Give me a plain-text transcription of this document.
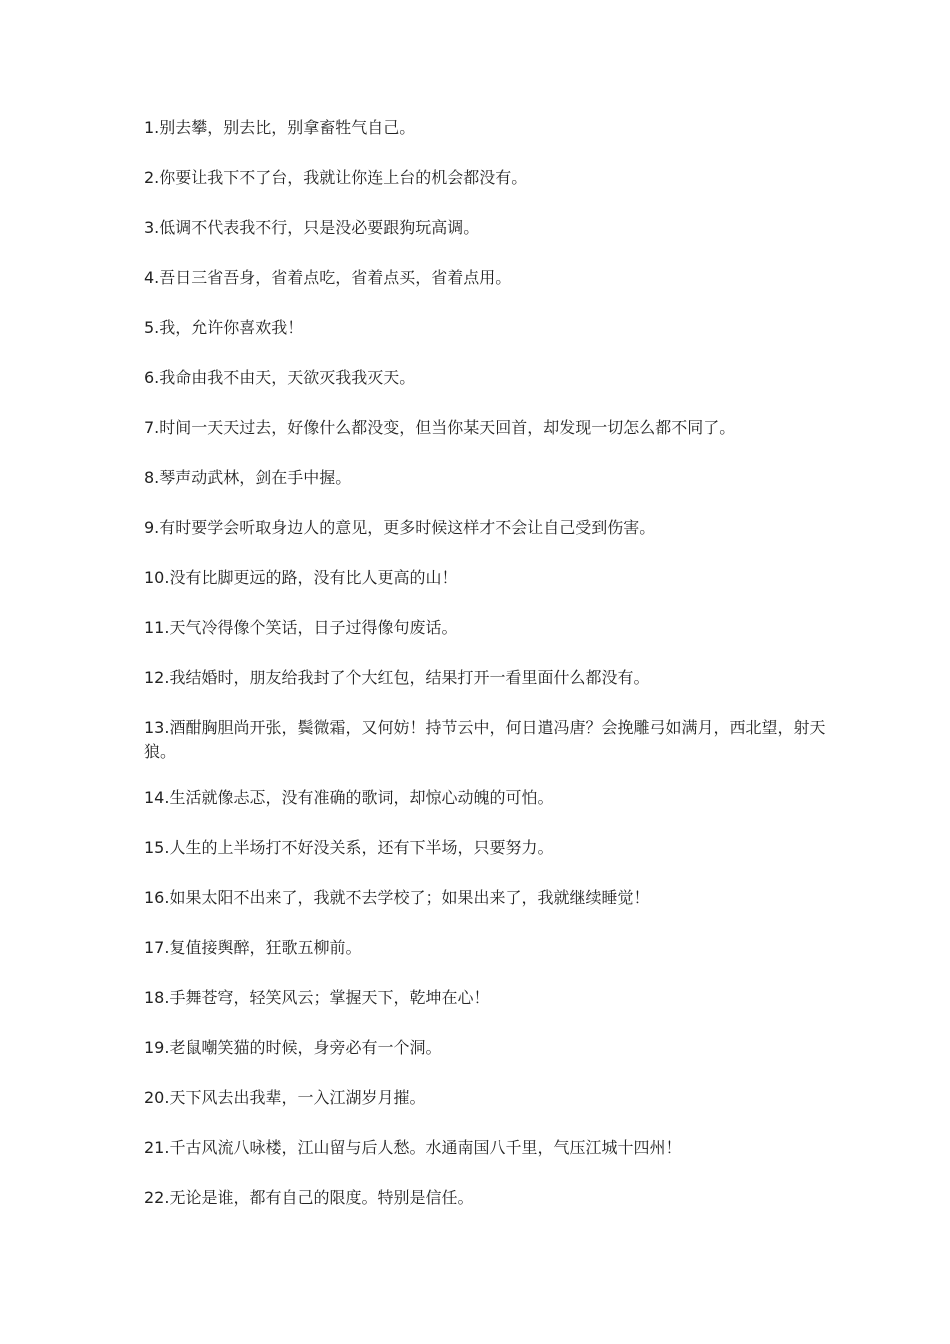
1.别去攀，别去比，别拿畜牲气自己。

2.你要让我下不了台，我就让你连上台的机会都没有。

3.低调不代表我不行，只是没必要跟狗玩高调。

4.吾日三省吾身，省着点吃，省着点买，省着点用。

5.我，允许你喜欢我！

6.我命由我不由天，天欲灭我我灭天。

7.时间一天天过去，好像什么都没变，但当你某天回首，却发现一切怎么都不同了。

8.琴声动武林，剑在手中握。

9.有时要学会听取身边人的意见，更多时候这样才不会让自己受到伤害。

10.没有比脚更远的路，没有比人更高的山！

11.天气冷得像个笑话，日子过得像句废话。

12.我结婚时，朋友给我封了个大红包，结果打开一看里面什么都没有。

13.酒酣胸胆尚开张，鬓微霜，又何妨！持节云中，何日遣冯唐？会挽雕弓如满月，西北望，射天狼。

14.生活就像忐忑，没有准确的歌词，却惊心动魄的可怕。

15.人生的上半场打不好没关系，还有下半场，只要努力。

16.如果太阳不出来了，我就不去学校了；如果出来了，我就继续睡觉！

17.复值接舆醉，狂歌五柳前。

18.手舞苍穹，轻笑风云；掌握天下，乾坤在心！

19.老鼠嘲笑猫的时候，身旁必有一个洞。

20.天下风去出我辈，一入江湖岁月摧。

21.千古风流八咏楼，江山留与后人愁。水通南国八千里，气压江城十四州！

22.无论是谁，都有自己的限度。特别是信任。
